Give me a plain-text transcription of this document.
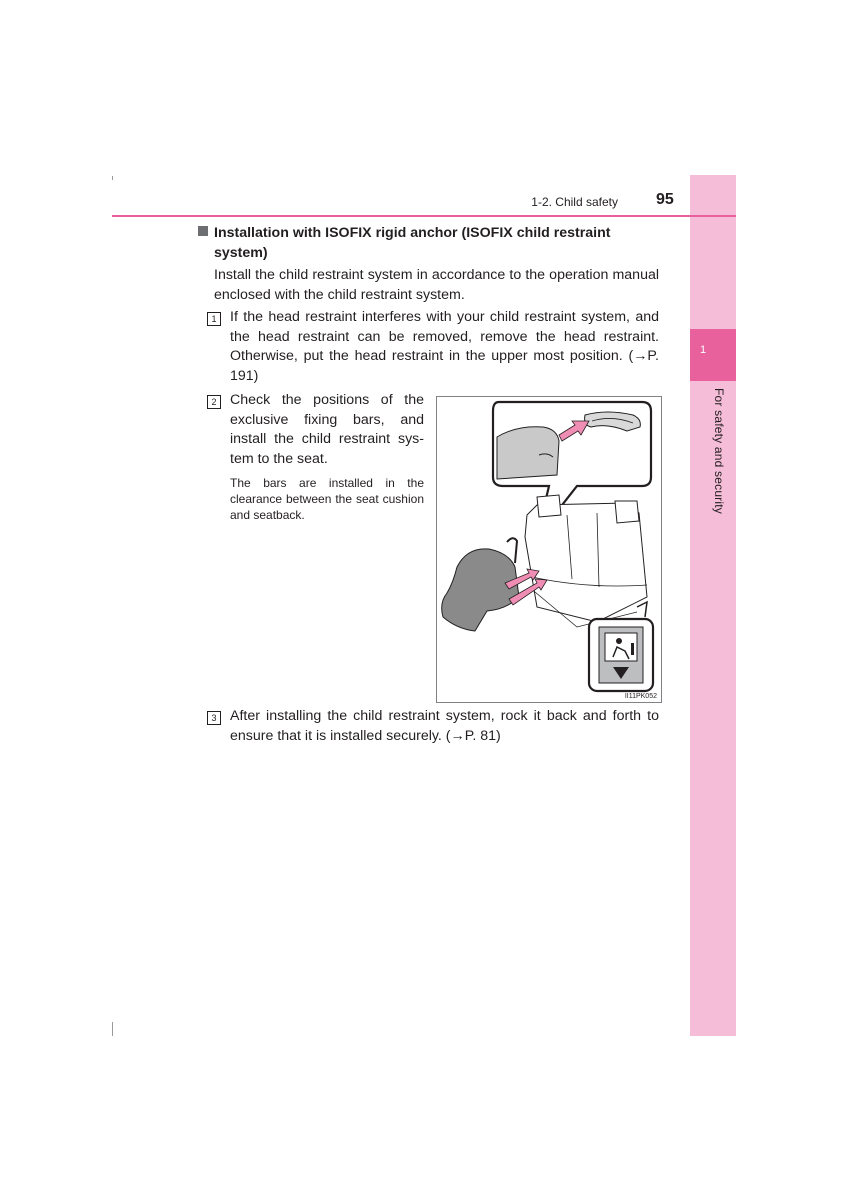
1
For safety and security
1-2. Child safety 95
Installation with ISOFIX rigid anchor (ISOFIX child restraint system)
Install the child restraint system in accordance to the operation manual enclosed with the child restraint system.
1 If the head restraint interferes with your child restraint system, and the head restraint can be removed, remove the head restraint. Otherwise, put the head restraint in the upper most position. (→P. 191)
2 Check the positions of the exclusive fixing bars, and install the child restraint sys-tem to the seat.
The bars are installed in the clearance between the seat cushion and seatback.
II11PK052
3 After installing the child restraint system, rock it back and forth to ensure that it is installed securely. (→P. 81)
